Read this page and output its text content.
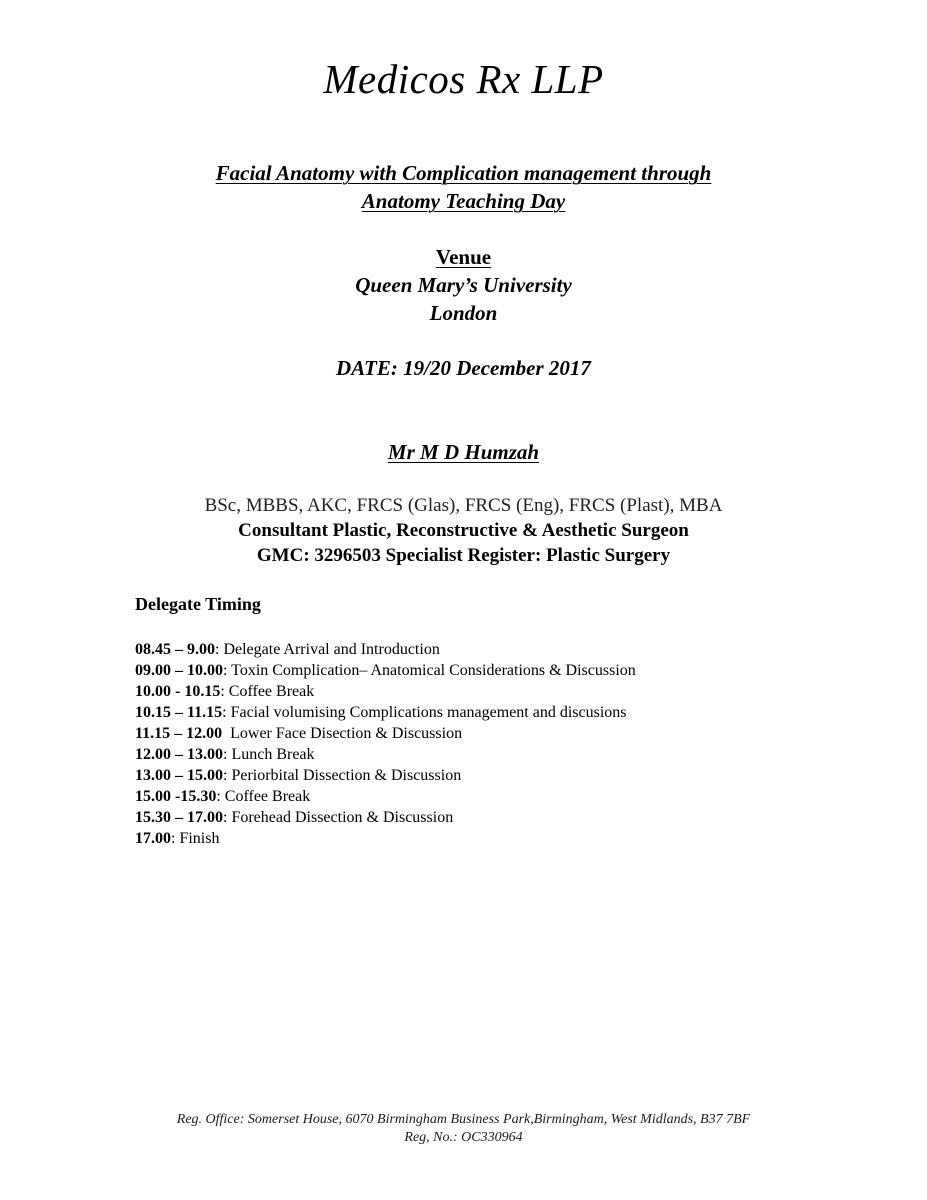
Medicos Rx LLP
Facial Anatomy with Complication management through
Anatomy Teaching Day
Venue
Queen Mary’s University
London
DATE: 19/20 December 2017
Mr M D Humzah
BSc, MBBS, AKC, FRCS (Glas), FRCS (Eng), FRCS (Plast), MBA
Consultant Plastic, Reconstructive & Aesthetic Surgeon
GMC: 3296503 Specialist Register: Plastic Surgery
Delegate Timing
08.45 – 9.00: Delegate Arrival and Introduction
09.00 – 10.00: Toxin Complication– Anatomical Considerations & Discussion
10.00 - 10.15: Coffee Break
10.15 – 11.15: Facial volumising Complications management and discusions
11.15 – 12.00  Lower Face Disection & Discussion
12.00 – 13.00: Lunch Break
13.00 – 15.00: Periorbital Dissection & Discussion
15.00 -15.30: Coffee Break
15.30 – 17.00: Forehead Dissection & Discussion
17.00: Finish
Reg. Office: Somerset House, 6070 Birmingham Business Park,Birmingham, West Midlands, B37 7BF
Reg, No.: OC330964
